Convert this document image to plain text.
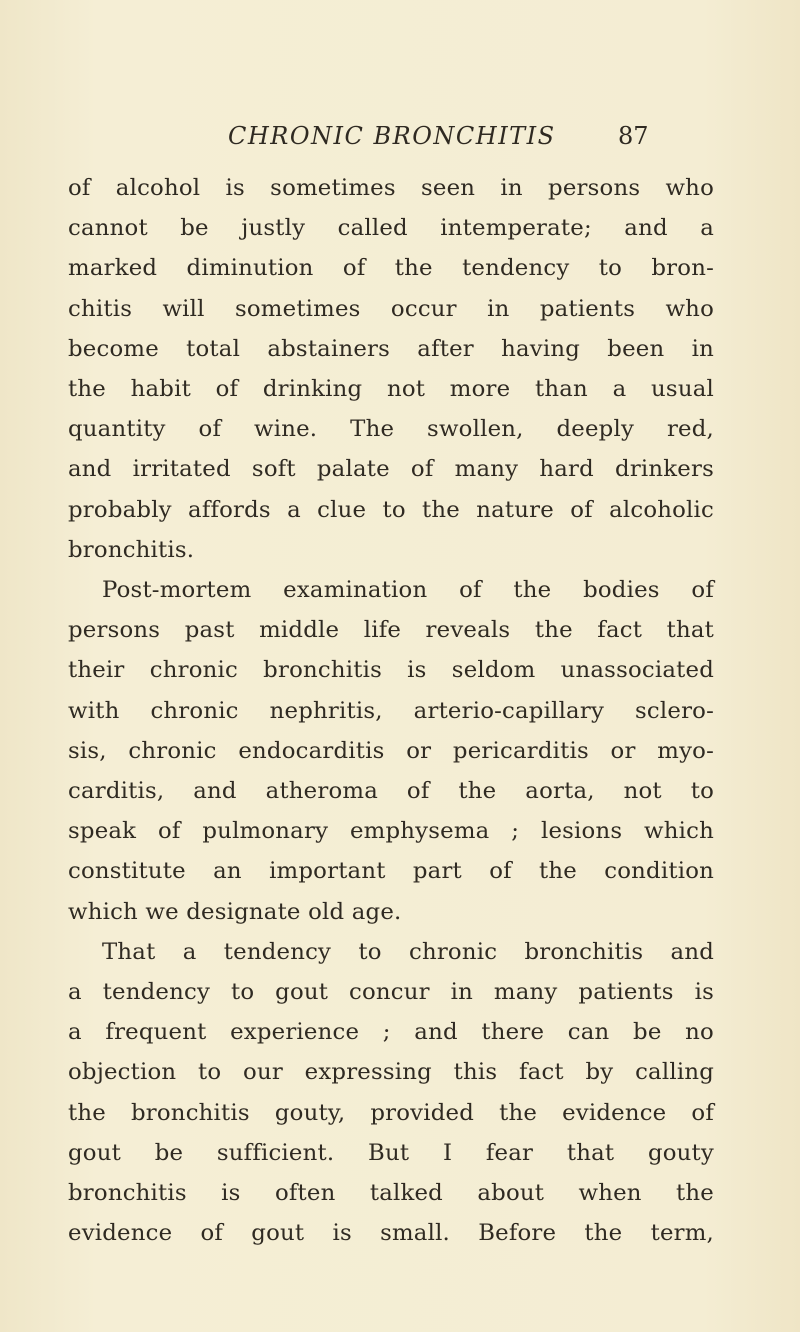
CHRONIC BRONCHITIS	87
of alcohol is sometimes seen in persons who
cannot be justly called intemperate; and a
marked diminution of the tendency to bron-
chitis will sometimes occur in patients who
become total abstainers after having been in
the habit of drinking not more than a usual
quantity of wine. The swollen, deeply red,
and irritated soft palate of many hard drinkers
probably affords a clue to the nature of alcoholic
bronchitis.
Post-mortem examination of the bodies of
persons past middle life reveals the fact that
their chronic bronchitis is seldom unassociated
with chronic nephritis, arterio-capillary sclero-
sis, chronic endocarditis or pericarditis or myo-
carditis, and atheroma of the aorta, not to
speak of pulmonary emphysema ; lesions which
constitute an important part of the condition
which we designate old age.
That a tendency to chronic bronchitis and
a tendency to gout concur in many patients is
a frequent experience ; and there can be no
objection to our expressing this fact by calling
the bronchitis gouty, provided the evidence of
gout be sufficient. But I fear that gouty
bronchitis is often talked about when the
evidence of gout is small. Before the term,
